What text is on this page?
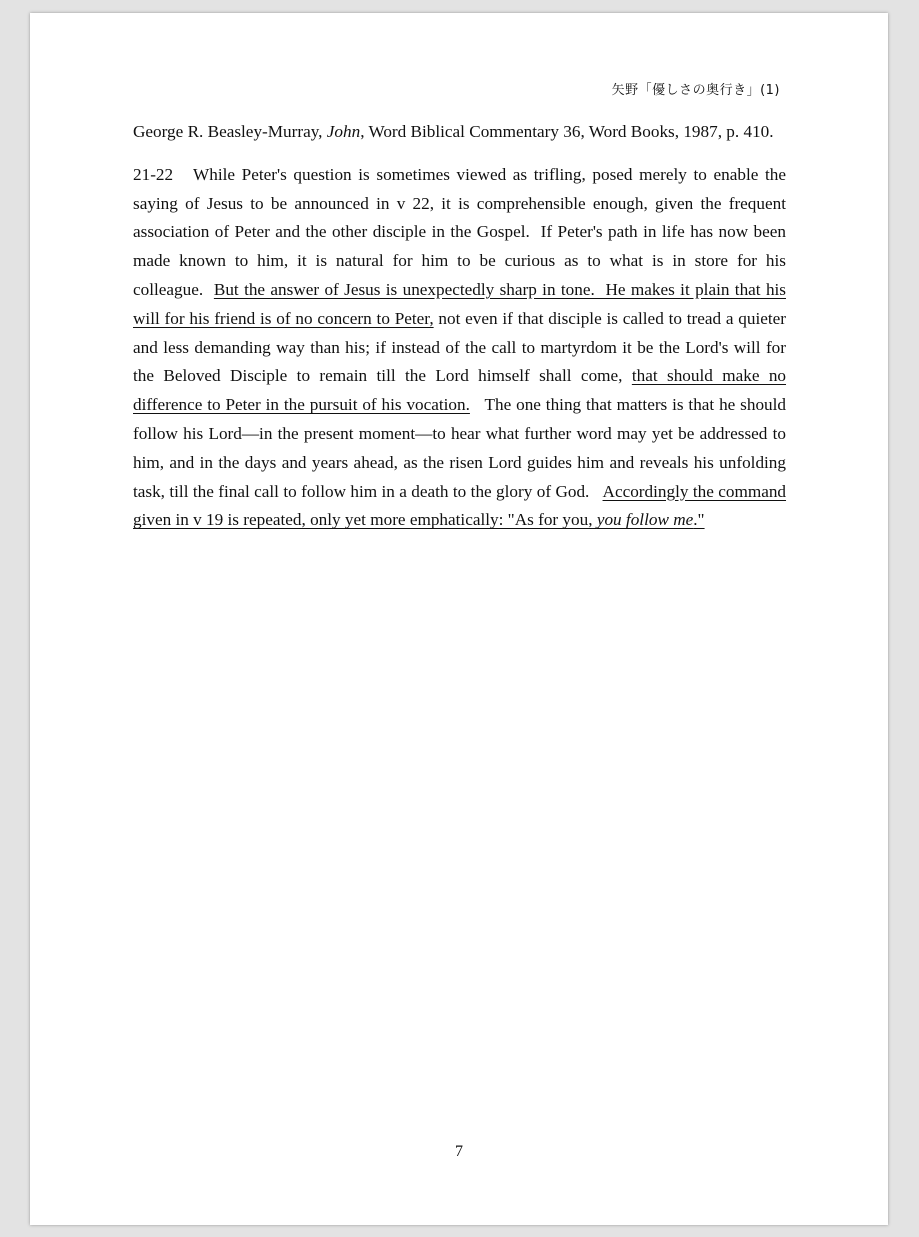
矢野「優しさの奥行き」(1)

George R. Beasley-Murray, John, Word Biblical Commentary 36, Word Books, 1987, p. 410.

21-22 While Peter's question is sometimes viewed as trifling, posed merely to enable the saying of Jesus to be announced in v 22, it is comprehensible enough, given the frequent association of Peter and the other disciple in the Gospel.  If Peter's path in life has now been made known to him, it is natural for him to be curious as to what is in store for his colleague. But the answer of Jesus is unexpectedly sharp in tone.  He makes it plain that his will for his friend is of no concern to Peter, not even if that disciple is called to tread a quieter and less demanding way than his; if instead of the call to martyrdom it be the Lord's will for the Beloved Disciple to remain till the Lord himself shall come, that should make no difference to Peter in the pursuit of his vocation. The one thing that matters is that he should follow his Lord—in the present moment—to hear what further word may yet be addressed to him, and in the days and years ahead, as the risen Lord guides him and reveals his unfolding task, till the final call to follow him in a death to the glory of God. Accordingly the command given in v 19 is repeated, only yet more emphatically: "As for you, you follow me."

7
